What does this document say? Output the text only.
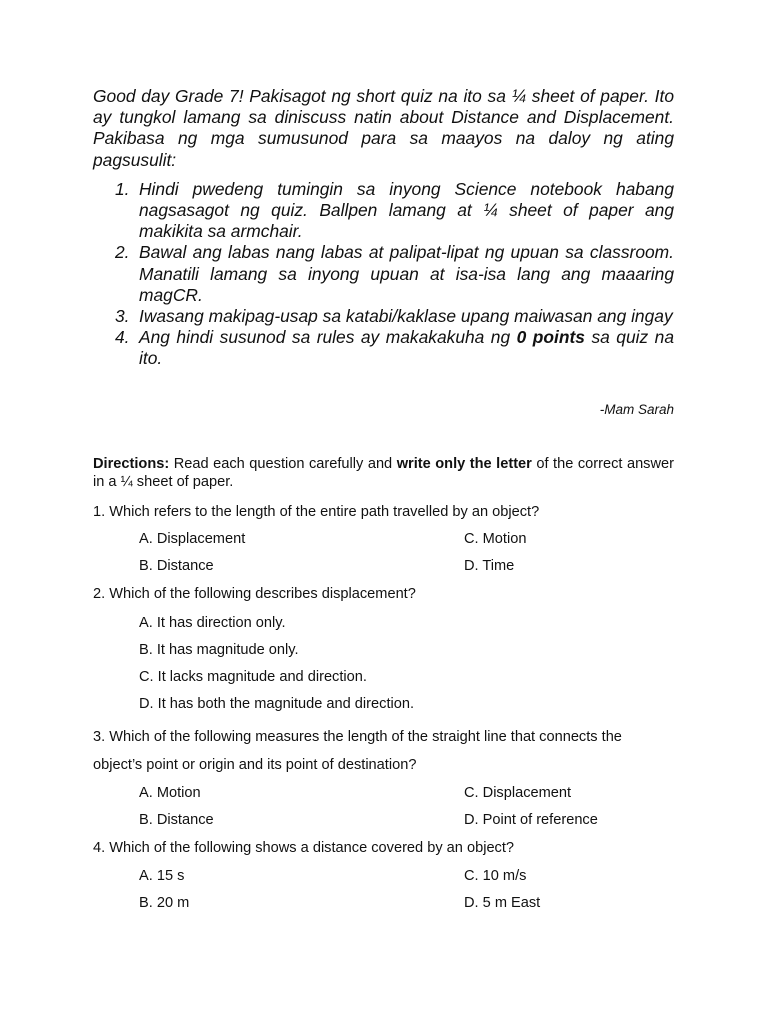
Good day Grade 7! Pakisagot ng short quiz na ito sa ¼ sheet of paper. Ito ay tungkol lamang sa diniscuss natin about Distance and Displacement. Pakibasa ng mga sumusunod para sa maayos na daloy ng ating pagsusulit:

1. Hindi pwedeng tumingin sa inyong Science notebook habang nagsasagot ng quiz. Ballpen lamang at ¼ sheet of paper ang makikita sa armchair.
2. Bawal ang labas nang labas at palipat-lipat ng upuan sa classroom. Manatili lamang sa inyong upuan at isa-isa lang ang maaaring magCR.
3. Iwasang makipag-usap sa katabi/kaklase upang maiwasan ang ingay
4. Ang hindi susunod sa rules ay makakakuha ng 0 points sa quiz na ito.
-Mam Sarah

Directions: Read each question carefully and write only the letter of the correct answer in a ¼ sheet of paper.

1. Which refers to the length of the entire path travelled by an object?

A. Displacement	C. Motion

B. Distance	D. Time

2. Which of the following describes displacement?

A. It has direction only.

B. It has magnitude only.

C. It lacks magnitude and direction.

D. It has both the magnitude and direction.

3. Which of the following measures the length of the straight line that connects the object’s point or origin and its point of destination?

A. Motion	C. Displacement

B. Distance	D. Point of reference

4. Which of the following shows a distance covered by an object?

A. 15 s	C. 10 m/s

B. 20 m	D. 5 m East
